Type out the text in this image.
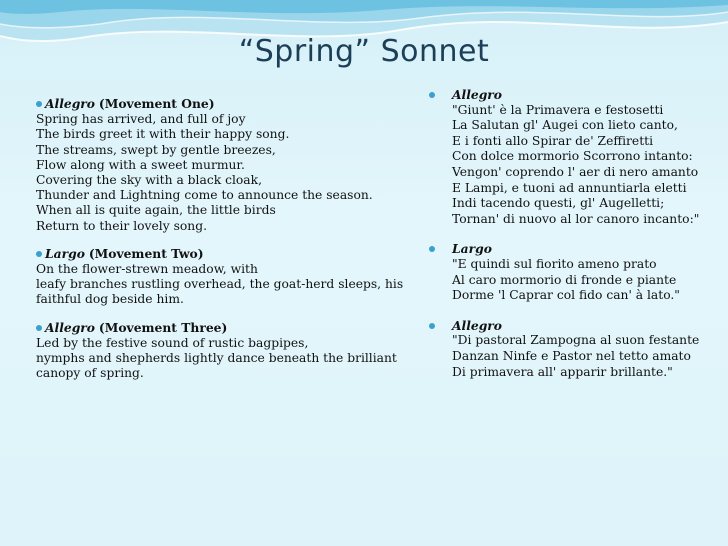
“Spring” Sonnet
Allegro
(Movement One)
Spring has arrived, and full of joy
The birds greet it with their happy song.
The streams, swept by gentle breezes,
Flow along with a sweet murmur.
Covering the sky with a black cloak,
Thunder and Lightning come to announce the season.
When all is quite again, the little birds
Return to their lovely song.
Largo
(Movement Two)
On the flower-strewn meadow, with
leafy branches rustling overhead, the goat-herd sleeps, his faithful dog beside him.
Allegro
(Movement Three)
Led by the festive sound of rustic bagpipes,
nymphs and shepherds lightly dance beneath the brilliant canopy of spring.
Allegro
"Giunt' è la Primavera e festosetti
La Salutan gl' Augei con lieto canto,
E i fonti allo Spirar de' Zeffiretti
Con dolce mormorio Scorrono intanto:
Vengon' coprendo l' aer di nero amanto
E Lampi, e tuoni ad annuntiarla eletti
Indi tacendo questi, gl' Augelletti;
Tornan' di nuovo al lor canoro incanto:"
Largo
"E quindi sul fiorito ameno prato
Al caro mormorio di fronde e piante
Dorme 'l Caprar col fido can' à lato."
Allegro
"Di pastoral Zampogna al suon festante
Danzan Ninfe e Pastor nel tetto amato
Di primavera all' apparir brillante."
